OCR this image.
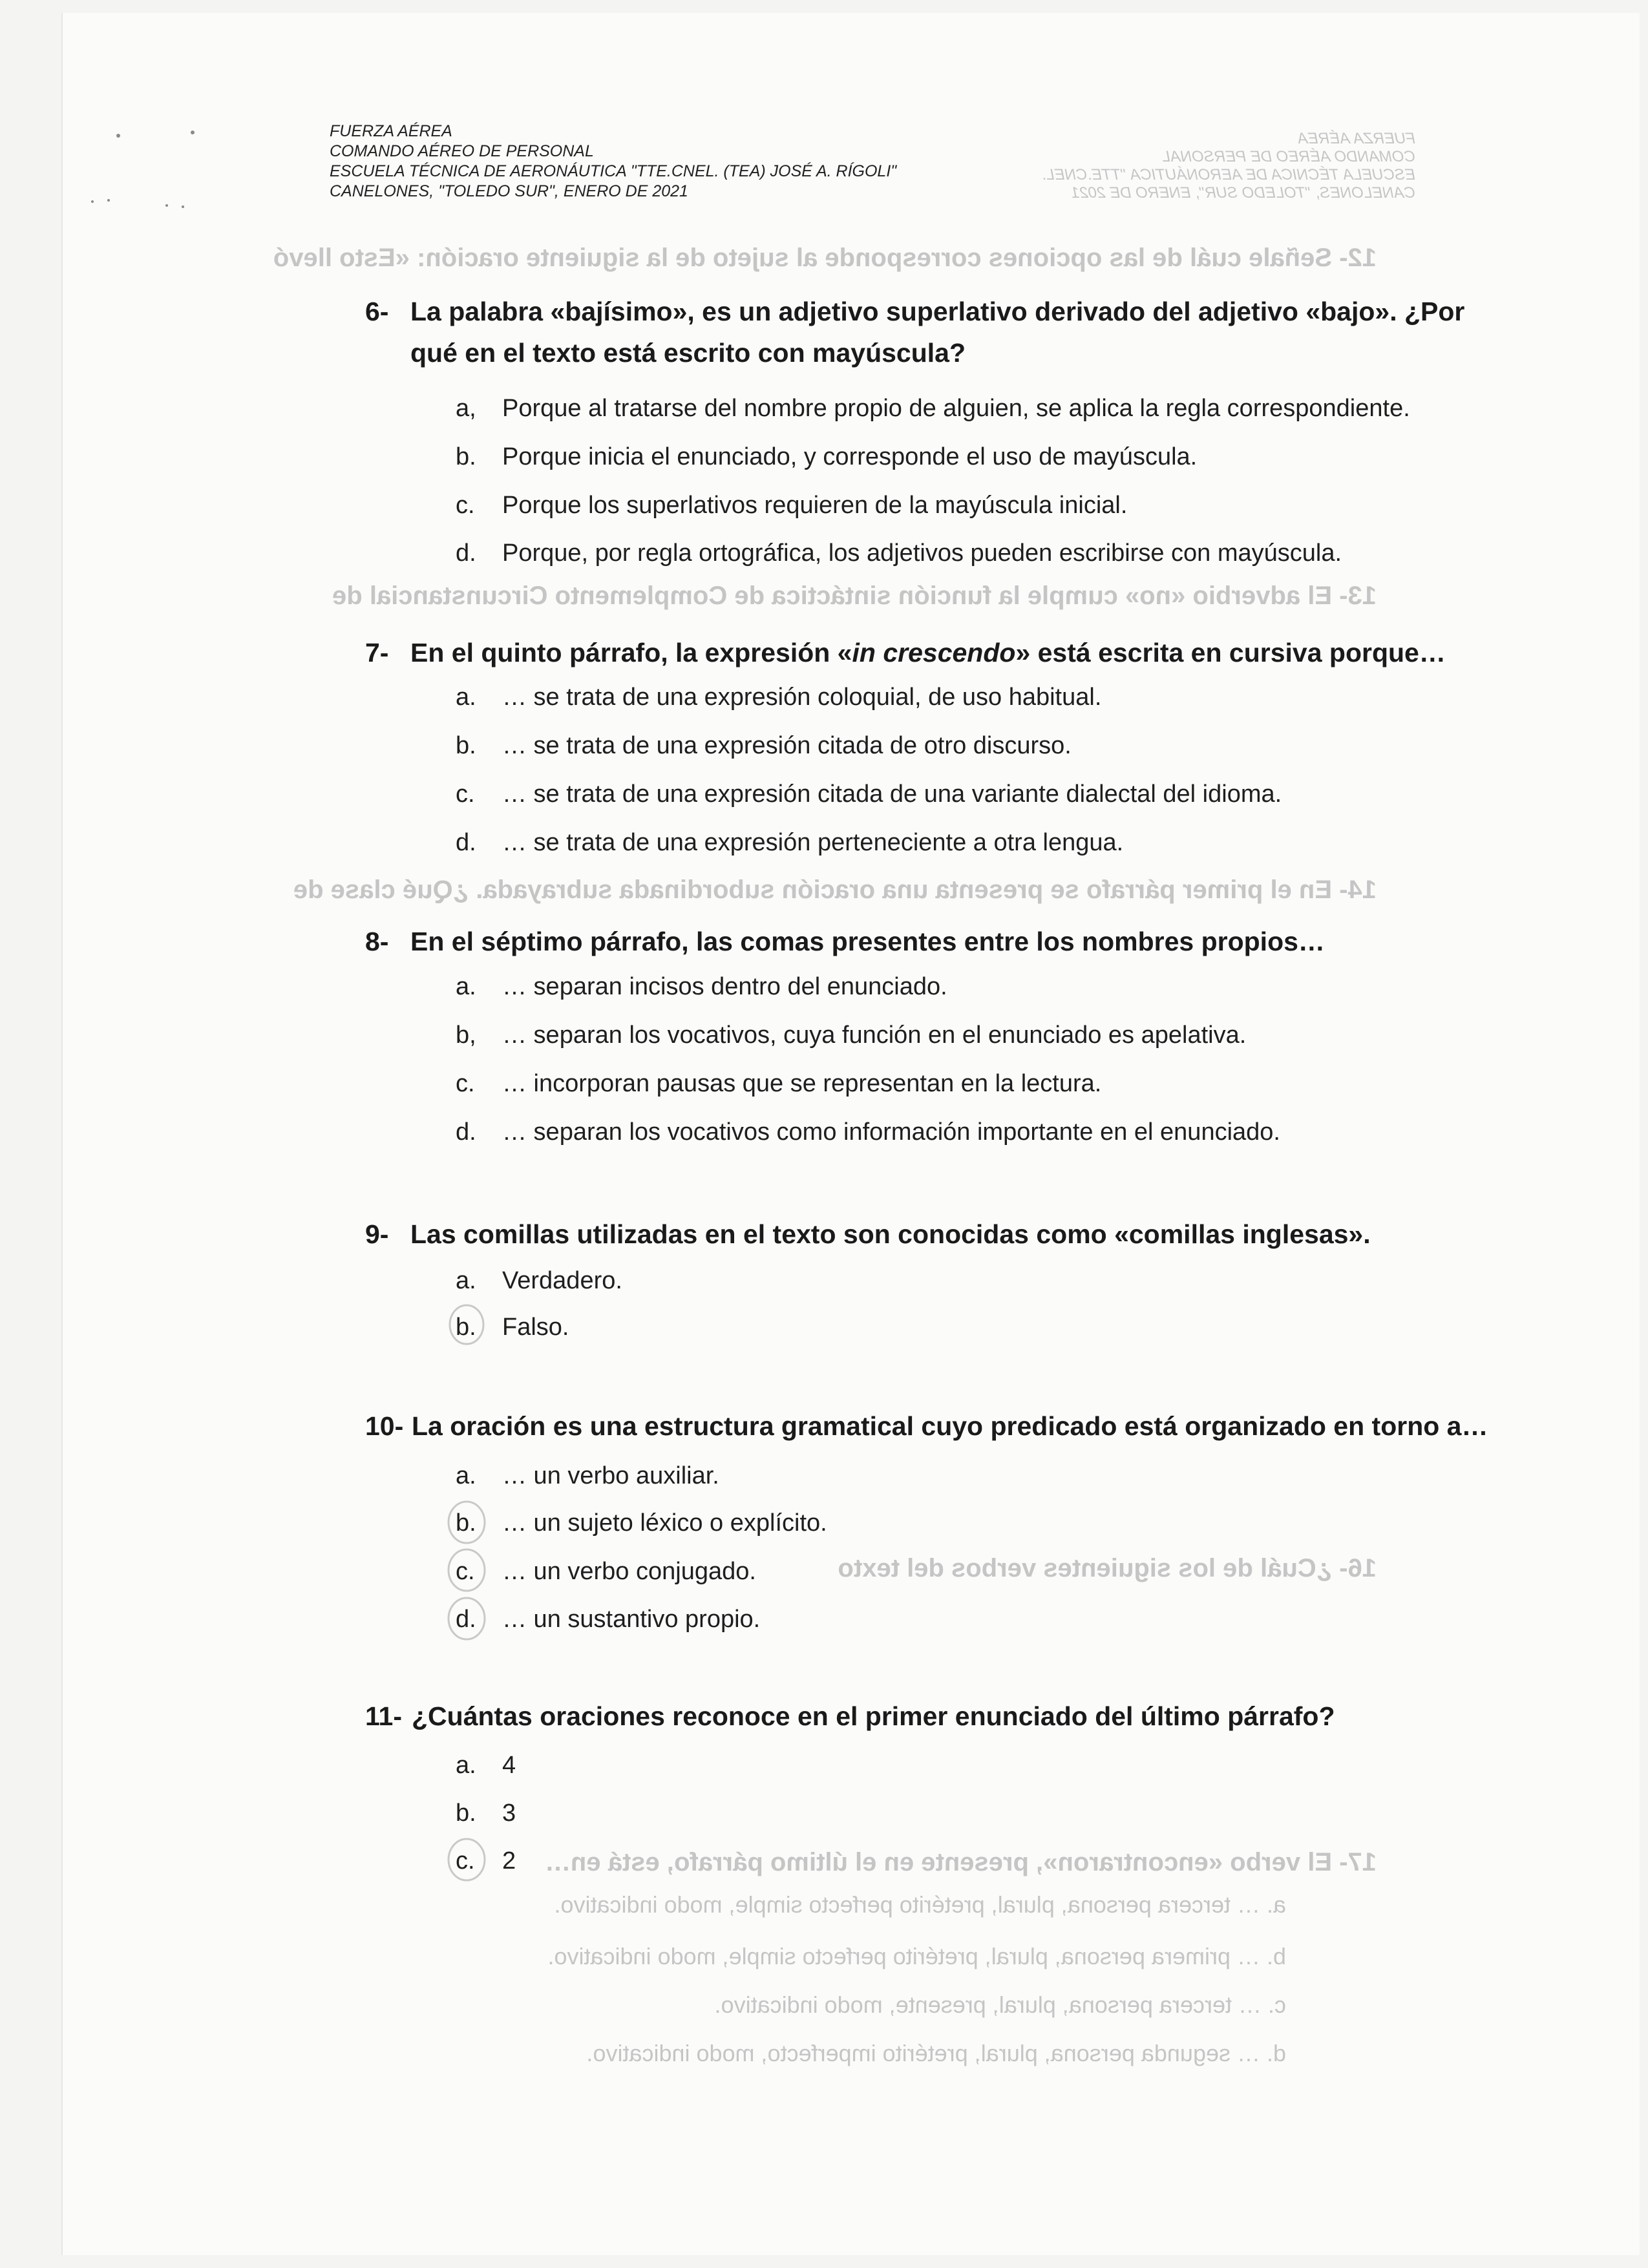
FUERZA AÉREA
COMANDO AÉREO DE PERSONAL
ESCUELA TÉCNICA DE AERONÁUTICA "TTE.CNEL.
CANELONES, "TOLEDO SUR", ENERO DE 2021
12- Señale cuál de las opciones corresponde al sujeto de la siguiente oración: «Esto llevó
13- El adverbio «no» cumple la función sintáctica de Complemento Circunstancial de
14- En el primer párrafo se presenta una oración subordinada subrayada. ¿Qué clase de
16- ¿Cuál de los siguientes verbos del texto
17- El verbo «encontraron», presente en el último párrafo, está en…
a. … tercera persona, plural, pretérito perfecto simple, modo indicativo.
b. … primera persona, plural, pretérito perfecto simple, modo indicativo.
c. … tercera persona, plural, presente, modo indicativo.
d. … segunda persona, plural, pretérito imperfecto, modo indicativo.
FUERZA AÉREA
COMANDO AÉREO DE PERSONAL
ESCUELA TÉCNICA DE AERONÁUTICA "TTE.CNEL. (TEA) JOSÉ A. RÍGOLI"
CANELONES, "TOLEDO SUR", ENERO DE 2021
6- La palabra «bajísimo», es un adjetivo superlativo derivado del adjetivo «bajo». ¿Por
qué en el texto está escrito con mayúscula?
a, Porque al tratarse del nombre propio de alguien, se aplica la regla correspondiente.
b. Porque inicia el enunciado, y corresponde el uso de mayúscula.
c. Porque los superlativos requieren de la mayúscula inicial.
d. Porque, por regla ortográfica, los adjetivos pueden escribirse con mayúscula.
7- En el quinto párrafo, la expresión «in crescendo» está escrita en cursiva porque…
a. … se trata de una expresión coloquial, de uso habitual.
b. … se trata de una expresión citada de otro discurso.
c. … se trata de una expresión citada de una variante dialectal del idioma.
d. … se trata de una expresión perteneciente a otra lengua.
8- En el séptimo párrafo, las comas presentes entre los nombres propios…
a. … separan incisos dentro del enunciado.
b, … separan los vocativos, cuya función en el enunciado es apelativa.
c. … incorporan pausas que se representan en la lectura.
d. … separan los vocativos como información importante en el enunciado.
9- Las comillas utilizadas en el texto son conocidas como «comillas inglesas».
a. Verdadero.
b. Falso.
10- La oración es una estructura gramatical cuyo predicado está organizado en torno a…
a. … un verbo auxiliar.
b. … un sujeto léxico o explícito.
c. … un verbo conjugado.
d. … un sustantivo propio.
11- ¿Cuántas oraciones reconoce en el primer enunciado del último párrafo?
a. 4
b. 3
c. 2
